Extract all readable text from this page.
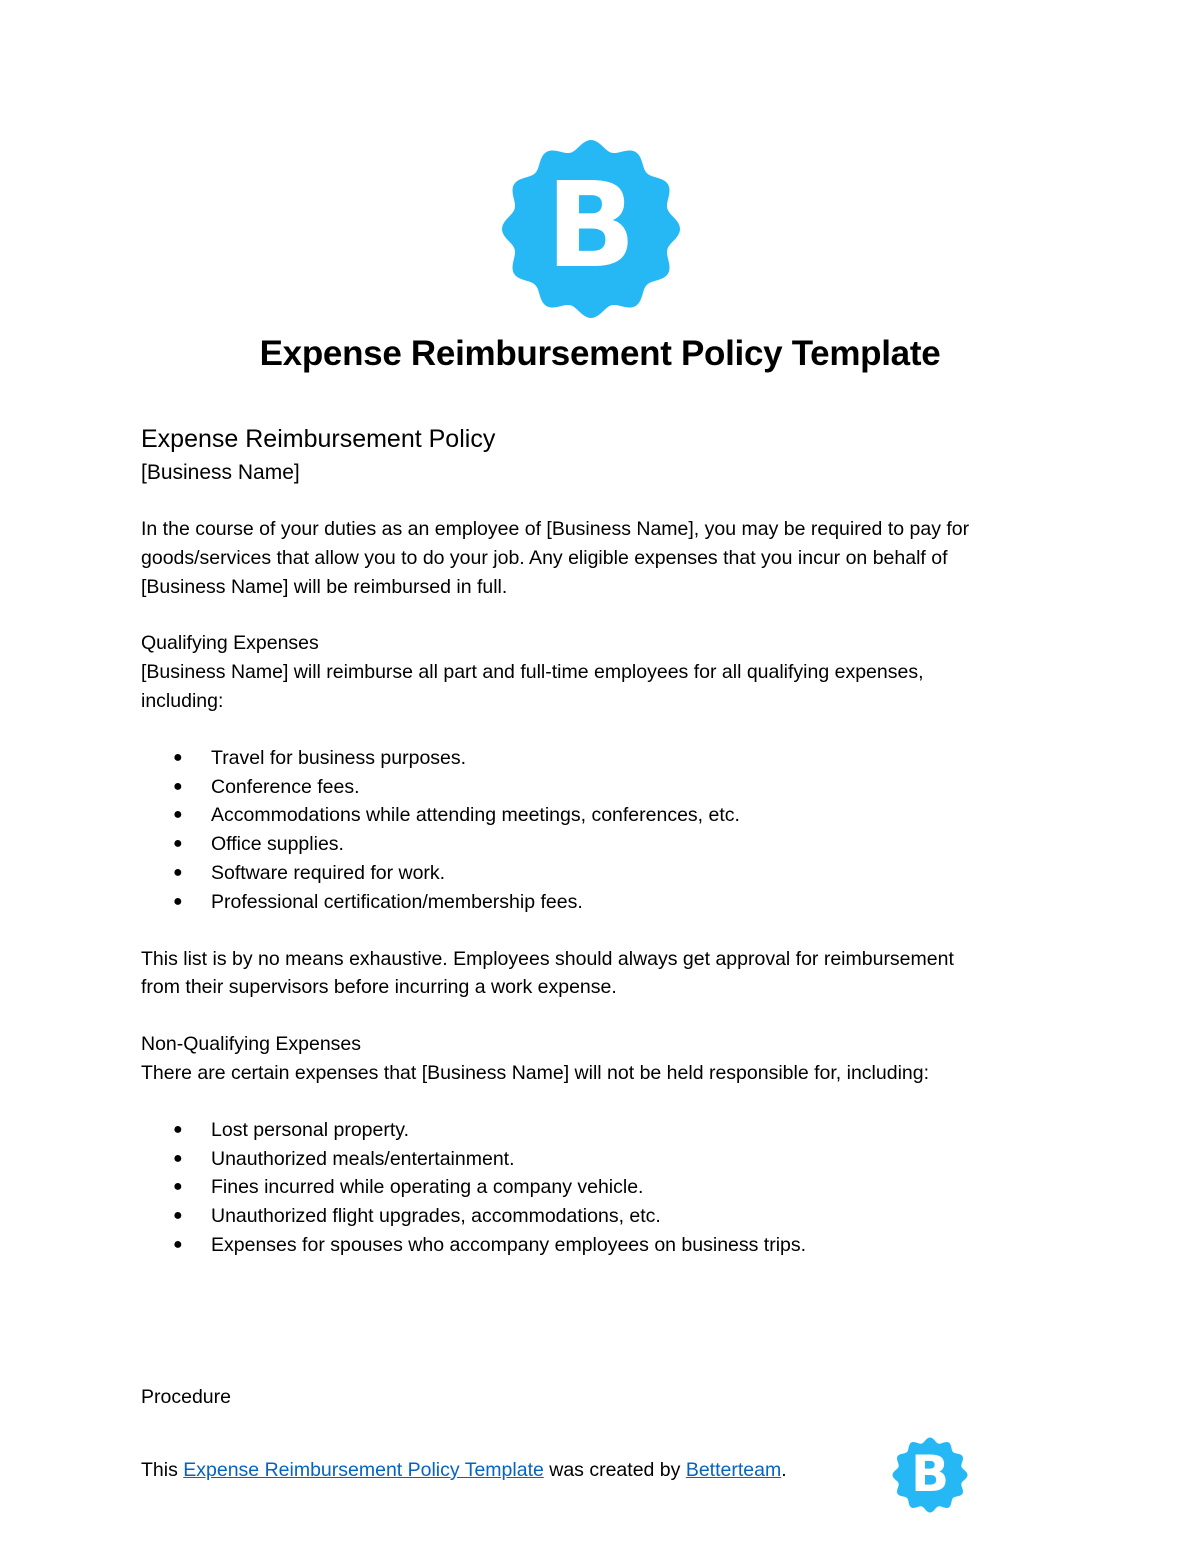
B
Expense Reimbursement Policy Template
Expense Reimbursement Policy
[Business Name]
In the course of your duties as an employee of [Business Name], you may be required to pay for
goods/services that allow you to do your job. Any eligible expenses that you incur on behalf of
[Business Name] will be reimbursed in full.
Qualifying Expenses
[Business Name] will reimburse all part and full-time employees for all qualifying expenses,
including:
● Travel for business purposes.
● Conference fees.
● Accommodations while attending meetings, conferences, etc.
● Office supplies.
● Software required for work.
● Professional certification/membership fees.
This list is by no means exhaustive. Employees should always get approval for reimbursement
from their supervisors before incurring a work expense.
Non-Qualifying Expenses
There are certain expenses that [Business Name] will not be held responsible for, including:
● Lost personal property.
● Unauthorized meals/entertainment.
● Fines incurred while operating a company vehicle.
● Unauthorized flight upgrades, accommodations, etc.
● Expenses for spouses who accompany employees on business trips.

Procedure

This Expense Reimbursement Policy Template was created by Betterteam. B
